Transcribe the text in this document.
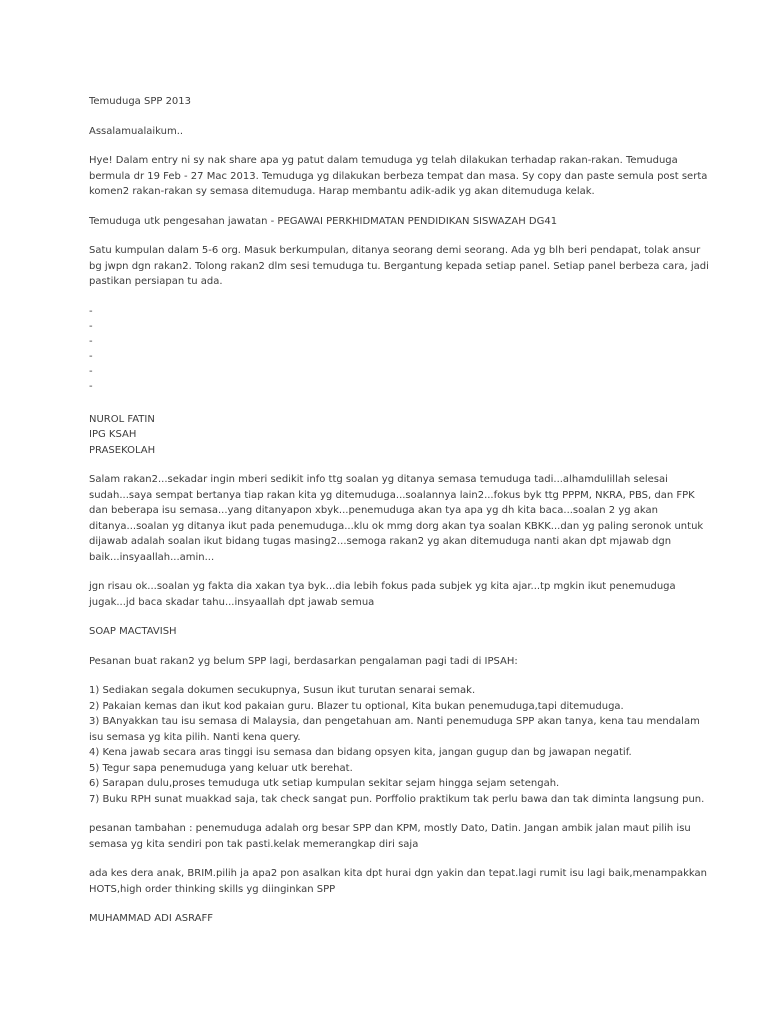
Temuduga SPP 2013

Assalamualaikum..

Hye! Dalam entry ni sy nak share apa yg patut dalam temuduga yg telah dilakukan terhadap rakan-rakan. Temuduga

bermula dr 19 Feb - 27 Mac 2013. Temuduga yg dilakukan berbeza tempat dan masa. Sy copy dan paste semula post serta

komen2 rakan-rakan sy semasa ditemuduga. Harap membantu adik-adik yg akan ditemuduga kelak.

Temuduga utk pengesahan jawatan - PEGAWAI PERKHIDMATAN PENDIDIKAN SISWAZAH DG41

Satu kumpulan dalam 5-6 org. Masuk berkumpulan, ditanya seorang demi seorang. Ada yg blh beri pendapat, tolak ansur

bg jwpn dgn rakan2. Tolong rakan2 dlm sesi temuduga tu. Bergantung kepada setiap panel. Setiap panel berbeza cara, jadi

pastikan persiapan tu ada.

-

-

-

-

-

-

NUROL FATIN

IPG KSAH

PRASEKOLAH

Salam rakan2...sekadar ingin mberi sedikit info ttg soalan yg ditanya semasa temuduga tadi...alhamdulillah selesai

sudah...saya sempat bertanya tiap rakan kita yg ditemuduga...soalannya lain2...fokus byk ttg PPPM, NKRA, PBS, dan FPK

dan beberapa isu semasa...yang ditanyapon xbyk...penemuduga akan tya apa yg dh kita baca...soalan 2 yg akan

ditanya...soalan yg ditanya ikut pada penemuduga...klu ok mmg dorg akan tya soalan KBKK...dan yg paling seronok untuk

dijawab adalah soalan ikut bidang tugas masing2...semoga rakan2 yg akan ditemuduga nanti akan dpt mjawab dgn

baik...insyaallah...amin...

jgn risau ok...soalan yg fakta dia xakan tya byk...dia lebih fokus pada subjek yg kita ajar...tp mgkin ikut penemuduga

jugak...jd baca skadar tahu...insyaallah dpt jawab semua

SOAP MACTAVISH

Pesanan buat rakan2 yg belum SPP lagi, berdasarkan pengalaman pagi tadi di IPSAH:

1) Sediakan segala dokumen secukupnya, Susun ikut turutan senarai semak.

2) Pakaian kemas dan ikut kod pakaian guru. Blazer tu optional, Kita bukan penemuduga,tapi ditemuduga.

3) BAnyakkan tau isu semasa di Malaysia, dan pengetahuan am. Nanti penemuduga SPP akan tanya, kena tau mendalam

isu semasa yg kita pilih. Nanti kena query.

4) Kena jawab secara aras tinggi isu semasa dan bidang opsyen kita, jangan gugup dan bg jawapan negatif.

5) Tegur sapa penemuduga yang keluar utk berehat.

6) Sarapan dulu,proses temuduga utk setiap kumpulan sekitar sejam hingga sejam setengah.

7) Buku RPH sunat muakkad saja, tak check sangat pun. Porffolio praktikum tak perlu bawa dan tak diminta langsung pun.

pesanan tambahan : penemuduga adalah org besar SPP dan KPM, mostly Dato, Datin. Jangan ambik jalan maut pilih isu

semasa yg kita sendiri pon tak pasti.kelak memerangkap diri saja

ada kes dera anak, BRIM.pilih ja apa2 pon asalkan kita dpt hurai dgn yakin dan tepat.lagi rumit isu lagi baik,menampakkan

HOTS,high order thinking skills yg diinginkan SPP

MUHAMMAD ADI ASRAFF
